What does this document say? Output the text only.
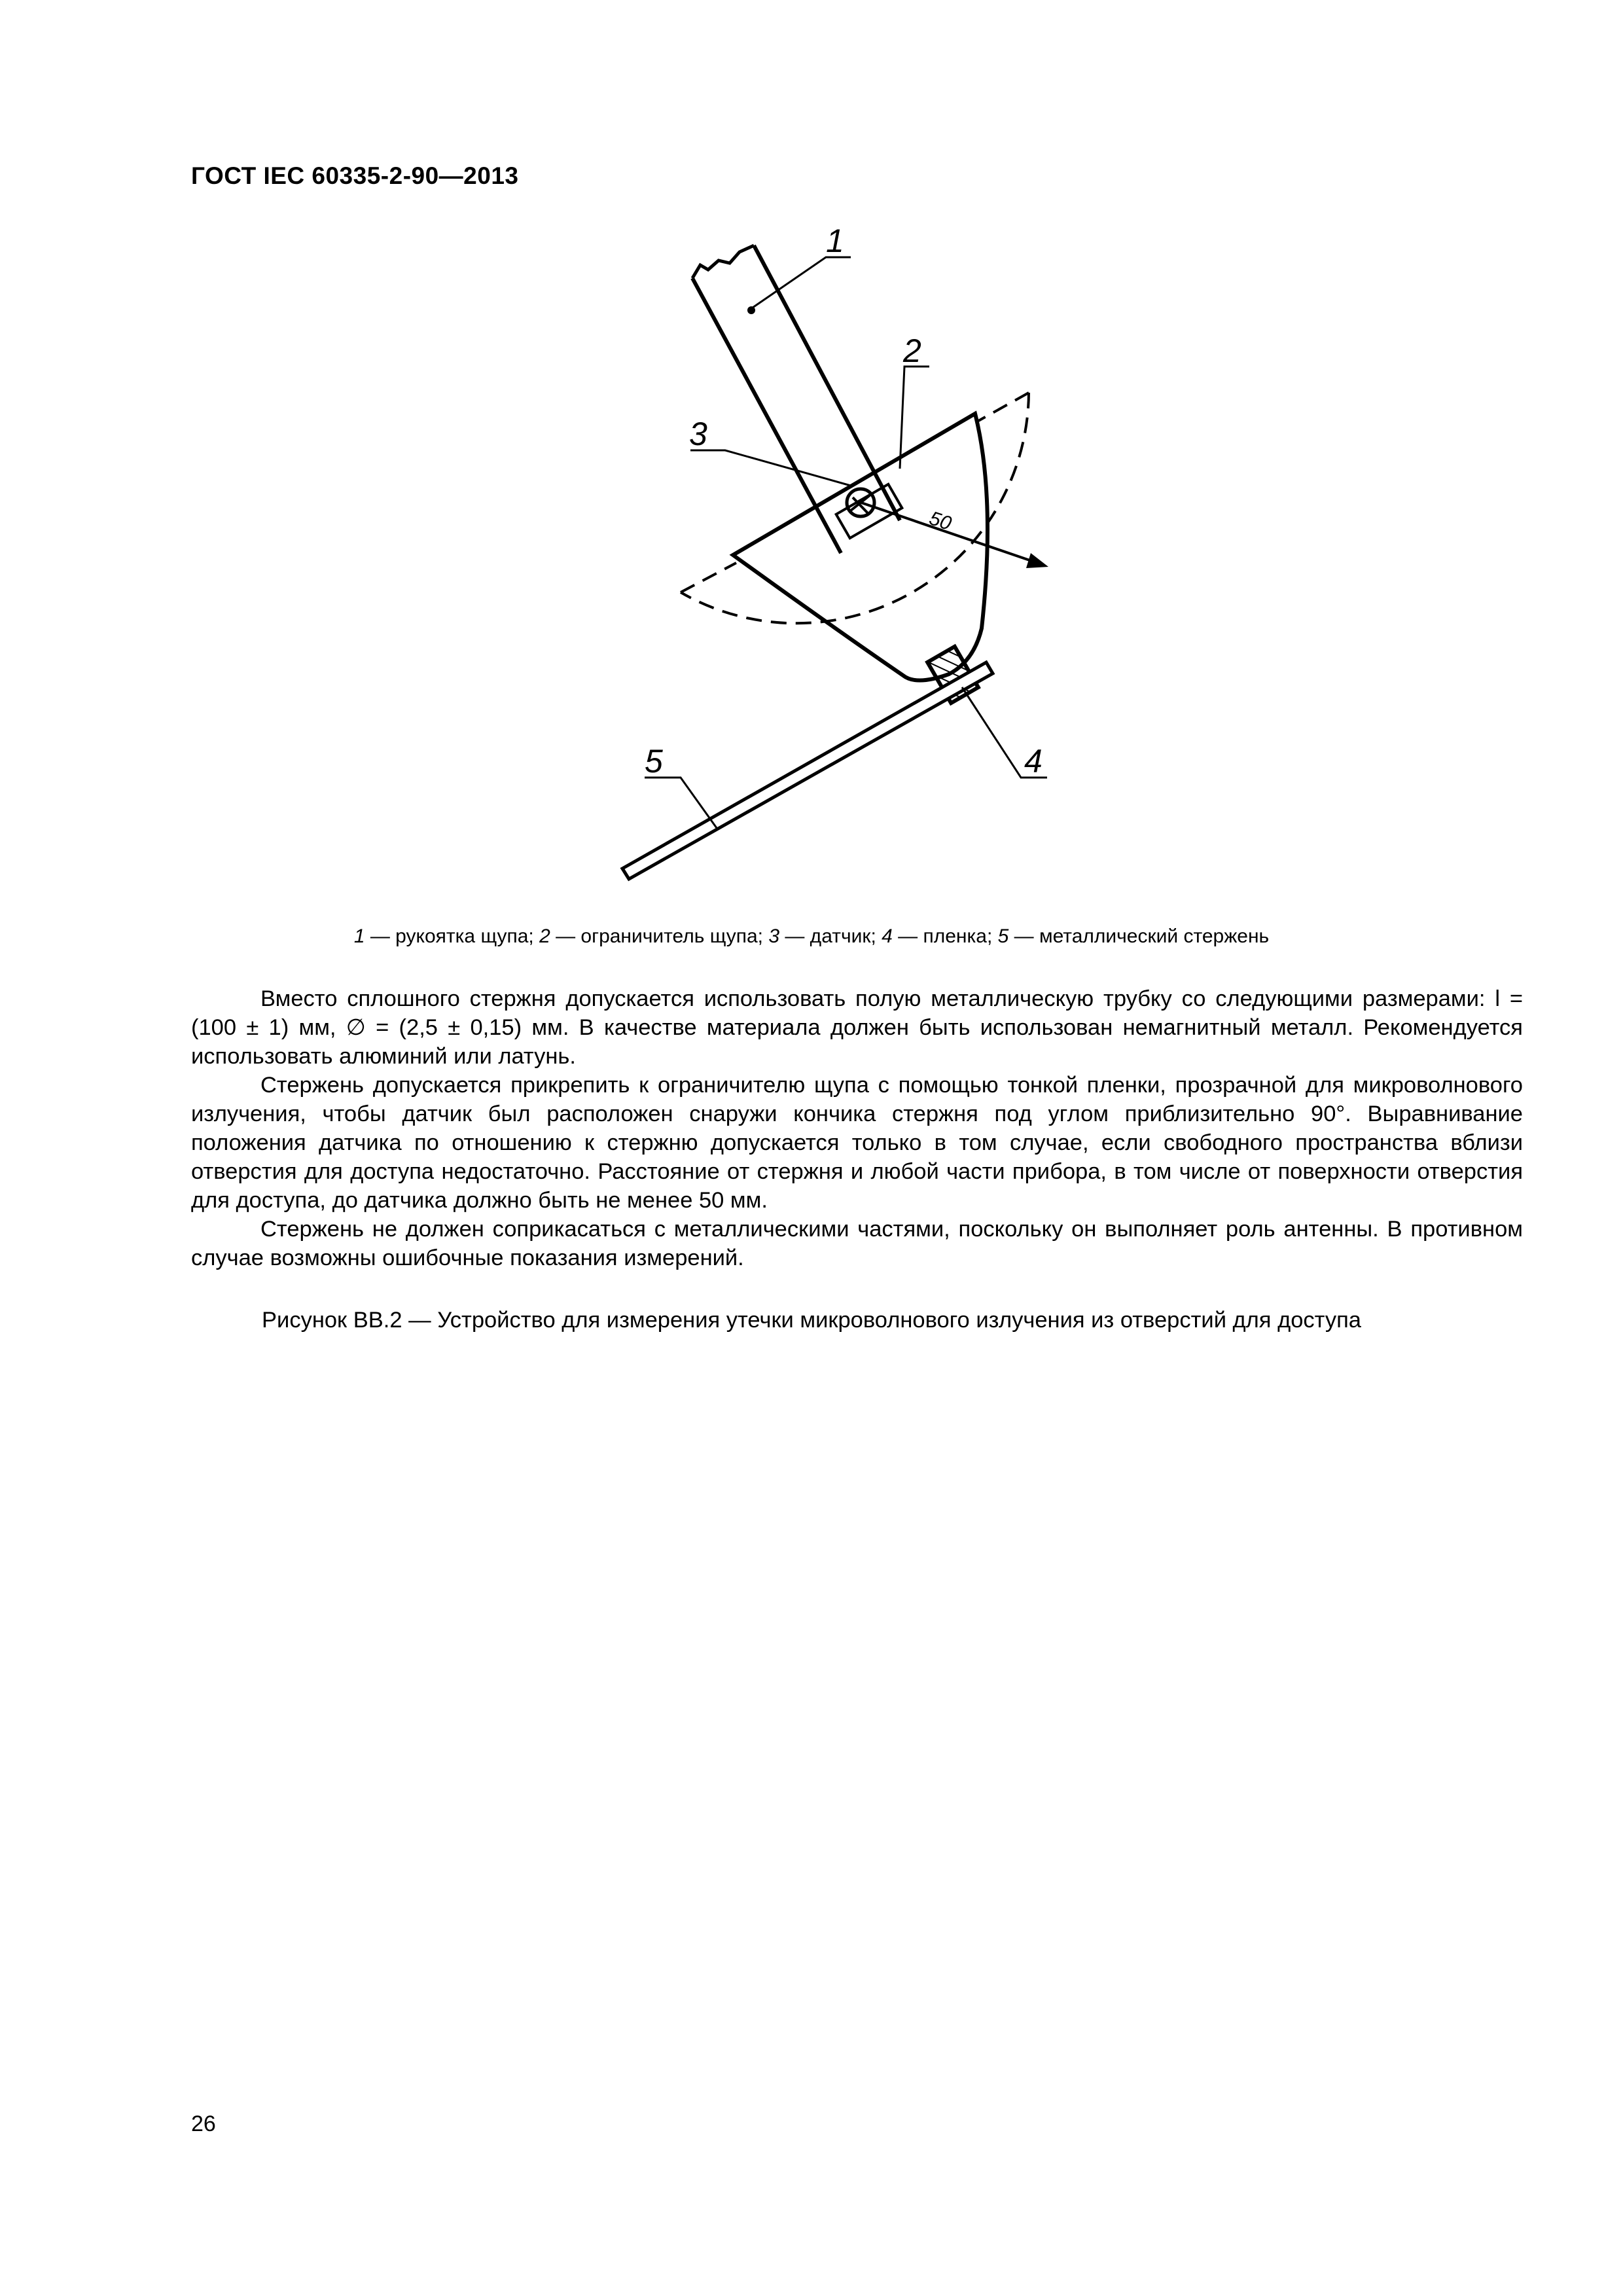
ГОСТ IEC 60335-2-90—2013
50
1
2
3
4
5
1 — рукоятка щупа; 2 — ограничитель щупа; 3 — датчик; 4 — пленка; 5 — металлический стержень

Вместо сплошного стержня допускается использовать полую металлическую трубку со следующими размерами: l = (100 ± 1) мм, ∅ = (2,5 ± 0,15) мм. В качестве материала должен быть использован немагнитный металл. Рекомендуется использовать алюминий или латунь.

Стержень допускается прикрепить к ограничителю щупа с помощью тонкой пленки, прозрачной для микроволнового излучения, чтобы датчик был расположен снаружи кончика стержня под углом приблизительно 90°. Выравнивание положения датчика по отношению к стержню допускается только в том случае, если свободного пространства вблизи отверстия для доступа недостаточно. Расстояние от стержня и любой части прибора, в том числе от поверхности отверстия для доступа, до датчика должно быть не менее 50 мм.

Стержень не должен соприкасаться с металлическими частями, поскольку он выполняет роль антенны. В противном случае возможны ошибочные показания измерений.

Рисунок ВВ.2 — Устройство для измерения утечки микроволнового излучения из отверстий для доступа
26
